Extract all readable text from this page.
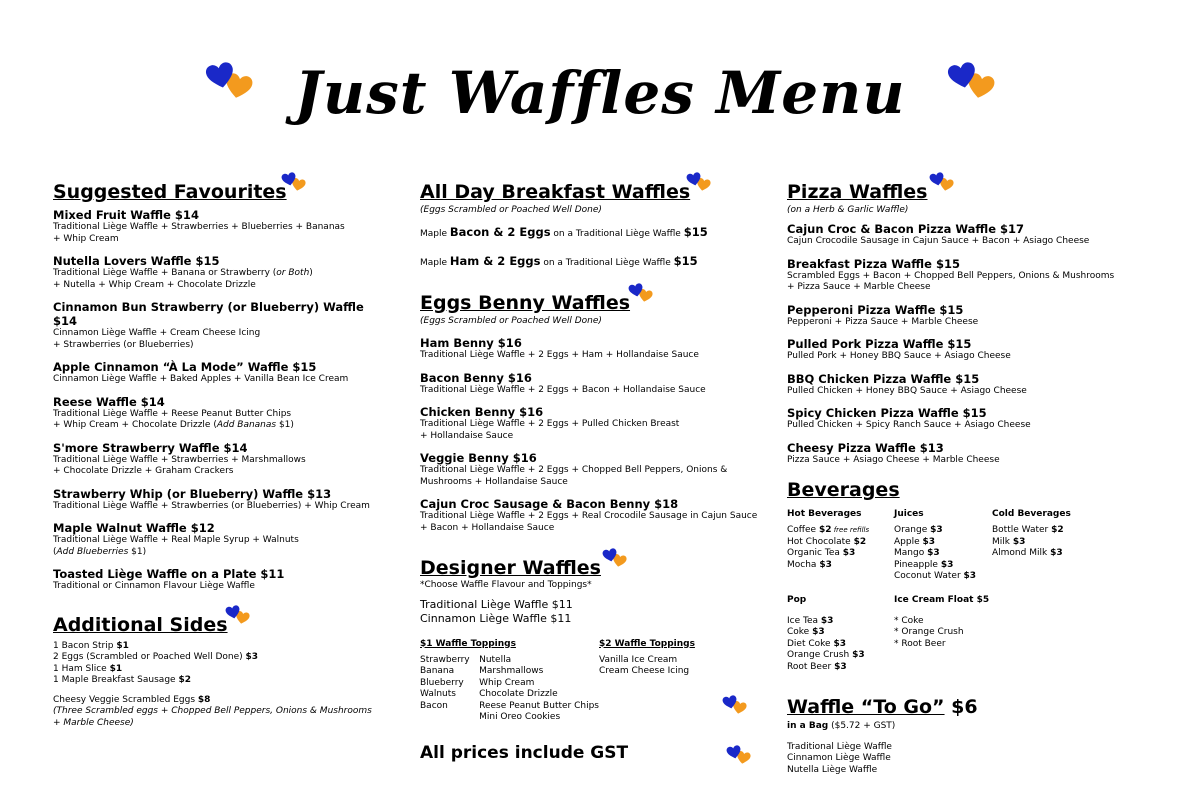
Just Waffles Menu
Suggested Favourites
Mixed Fruit Waffle $14
Traditional Liège Waffle + Strawberries + Blueberries + Bananas
+ Whip Cream
Nutella Lovers Waffle $15
Traditional Liège Waffle + Banana or Strawberry (or Both)
+ Nutella + Whip Cream + Chocolate Drizzle
Cinnamon Bun Strawberry (or Blueberry) Waffle $14
Cinnamon Liège Waffle + Cream Cheese Icing
+ Strawberries (or Blueberries)
Apple Cinnamon “À La Mode” Waffle $15
Cinnamon Liège Waffle + Baked Apples + Vanilla Bean Ice Cream
Reese Waffle $14
Traditional Liège Waffle + Reese Peanut Butter Chips
+ Whip Cream + Chocolate Drizzle (Add Bananas $1)
S'more Strawberry Waffle $14
Traditional Liège Waffle + Strawberries + Marshmallows
+ Chocolate Drizzle + Graham Crackers
Strawberry Whip (or Blueberry) Waffle $13
Traditional Liège Waffle + Strawberries (or Blueberries) + Whip Cream
Maple Walnut Waffle $12
Traditional Liège Waffle + Real Maple Syrup + Walnuts
(Add Blueberries $1)
Toasted Liège Waffle on a Plate $11
Traditional or Cinnamon Flavour Liège Waffle
Additional Sides
1 Bacon Strip $1
2 Eggs (Scrambled or Poached Well Done) $3
1 Ham Slice $1
1 Maple Breakfast Sausage $2
Cheesy Veggie Scrambled Eggs $8
(Three Scrambled eggs + Chopped Bell Peppers, Onions & Mushrooms
+ Marble Cheese)
All Day Breakfast Waffles
(Eggs Scrambled or Poached Well Done)
Maple Bacon & 2 Eggs on a Traditional Liège Waffle $15
Maple Ham & 2 Eggs on a Traditional Liège Waffle $15
Eggs Benny Waffles
(Eggs Scrambled or Poached Well Done)
Ham Benny $16
Traditional Liège Waffle + 2 Eggs + Ham + Hollandaise Sauce
Bacon Benny $16
Traditional Liège Waffle + 2 Eggs + Bacon + Hollandaise Sauce
Chicken Benny $16
Traditional Liège Waffle + 2 Eggs + Pulled Chicken Breast
+ Hollandaise Sauce
Veggie Benny $16
Traditional Liège Waffle + 2 Eggs + Chopped Bell Peppers, Onions &
Mushrooms + Hollandaise Sauce
Cajun Croc Sausage & Bacon Benny $18
Traditional Liège Waffle + 2 Eggs + Real Crocodile Sausage in Cajun Sauce
+ Bacon + Hollandaise Sauce
Designer Waffles
*Choose Waffle Flavour and Toppings*
Traditional Liège Waffle $11
Cinnamon Liège Waffle $11
$1 Waffle Toppings
Strawberry
Banana
Blueberry
Walnuts
Bacon
Nutella
Marshmallows
Whip Cream
Chocolate Drizzle
Reese Peanut Butter Chips
Mini Oreo Cookies
$2 Waffle Toppings
Vanilla Ice Cream
Cream Cheese Icing
All prices include GST
Pizza Waffles
(on a Herb & Garlic Waffle)
Cajun Croc & Bacon Pizza Waffle $17
Cajun Crocodile Sausage in Cajun Sauce + Bacon + Asiago Cheese
Breakfast Pizza Waffle $15
Scrambled Eggs + Bacon + Chopped Bell Peppers, Onions & Mushrooms
+ Pizza Sauce + Marble Cheese
Pepperoni Pizza Waffle $15
Pepperoni + Pizza Sauce + Marble Cheese
Pulled Pork Pizza Waffle $15
Pulled Pork + Honey BBQ Sauce + Asiago Cheese
BBQ Chicken Pizza Waffle $15
Pulled Chicken + Honey BBQ Sauce + Asiago Cheese
Spicy Chicken Pizza Waffle $15
Pulled Chicken + Spicy Ranch Sauce + Asiago Cheese
Cheesy Pizza Waffle $13
Pizza Sauce + Asiago Cheese + Marble Cheese
Beverages
Hot Beverages
Coffee $2 free refills
Hot Chocolate $2
Organic Tea $3
Mocha $3
Juices
Orange $3
Apple $3
Mango $3
Pineapple $3
Coconut Water $3
Cold Beverages
Bottle Water $2
Milk $3
Almond Milk $3
Pop
Ice Tea $3
Coke $3
Diet Coke $3
Orange Crush $3
Root Beer $3
Ice Cream Float $5
* Coke
* Orange Crush
* Root Beer
Waffle “To Go” $6
in a Bag ($5.72 + GST)
Traditional Liège Waffle
Cinnamon Liège Waffle
Nutella Liège Waffle
